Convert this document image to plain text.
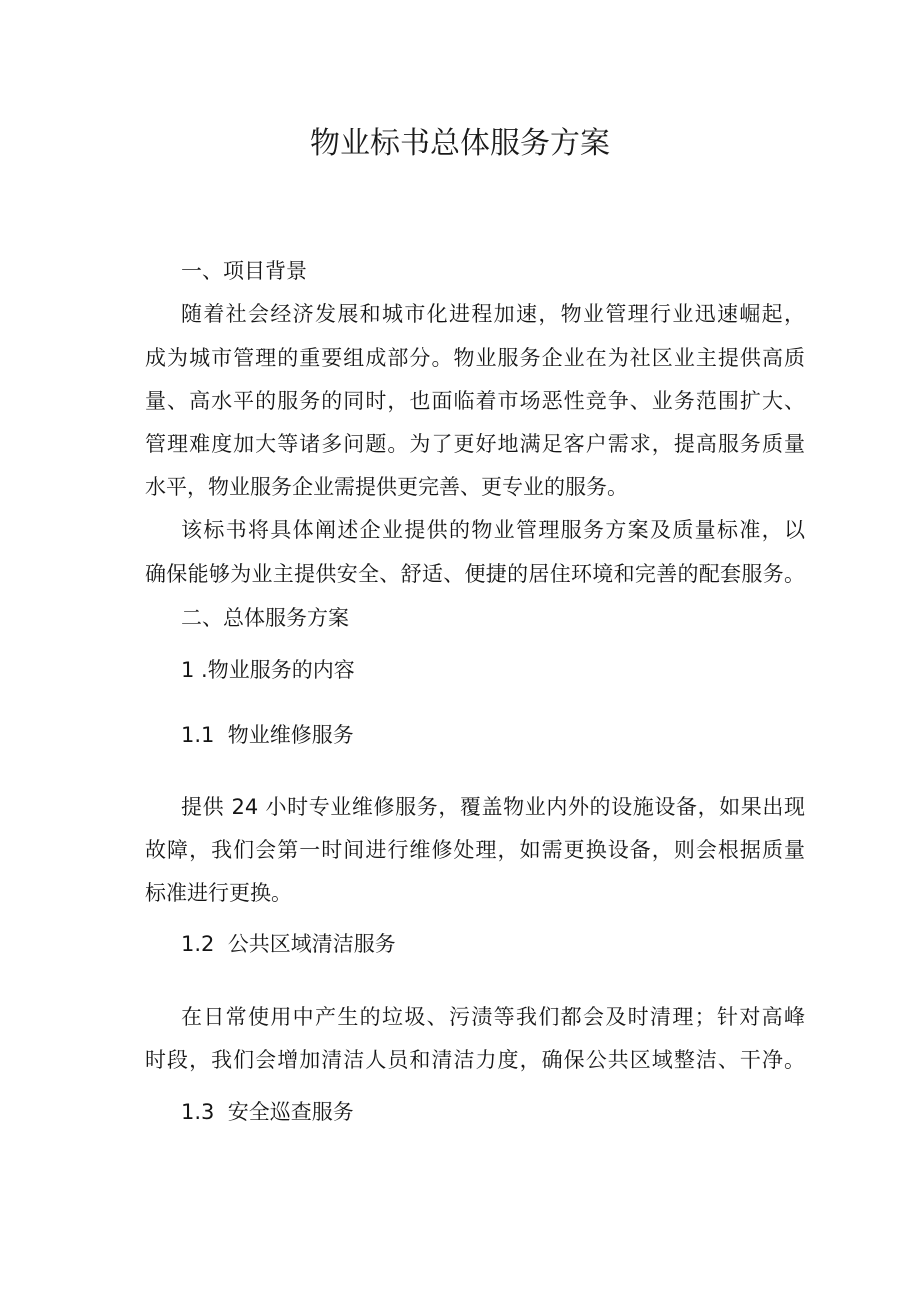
物业标书总体服务方案
一、项目背景
随着社会经济发展和城市化进程加速，物业管理行业迅速崛起，
成为城市管理的重要组成部分。物业服务企业在为社区业主提供高质
量、高水平的服务的同时，也面临着市场恶性竞争、业务范围扩大、
管理难度加大等诸多问题。为了更好地满足客户需求，提高服务质量
水平，物业服务企业需提供更完善、更专业的服务。
该标书将具体阐述企业提供的物业管理服务方案及质量标准，以
确保能够为业主提供安全、舒适、便捷的居住环境和完善的配套服务。
二、总体服务方案
1 .物业服务的内容
1.1  物业维修服务
提供 24 小时专业维修服务，覆盖物业内外的设施设备，如果出现
故障，我们会第一时间进行维修处理，如需更换设备，则会根据质量
标准进行更换。
1.2  公共区域清洁服务
在日常使用中产生的垃圾、污渍等我们都会及时清理；针对高峰
时段，我们会增加清洁人员和清洁力度，确保公共区域整洁、干净。
1.3  安全巡查服务
